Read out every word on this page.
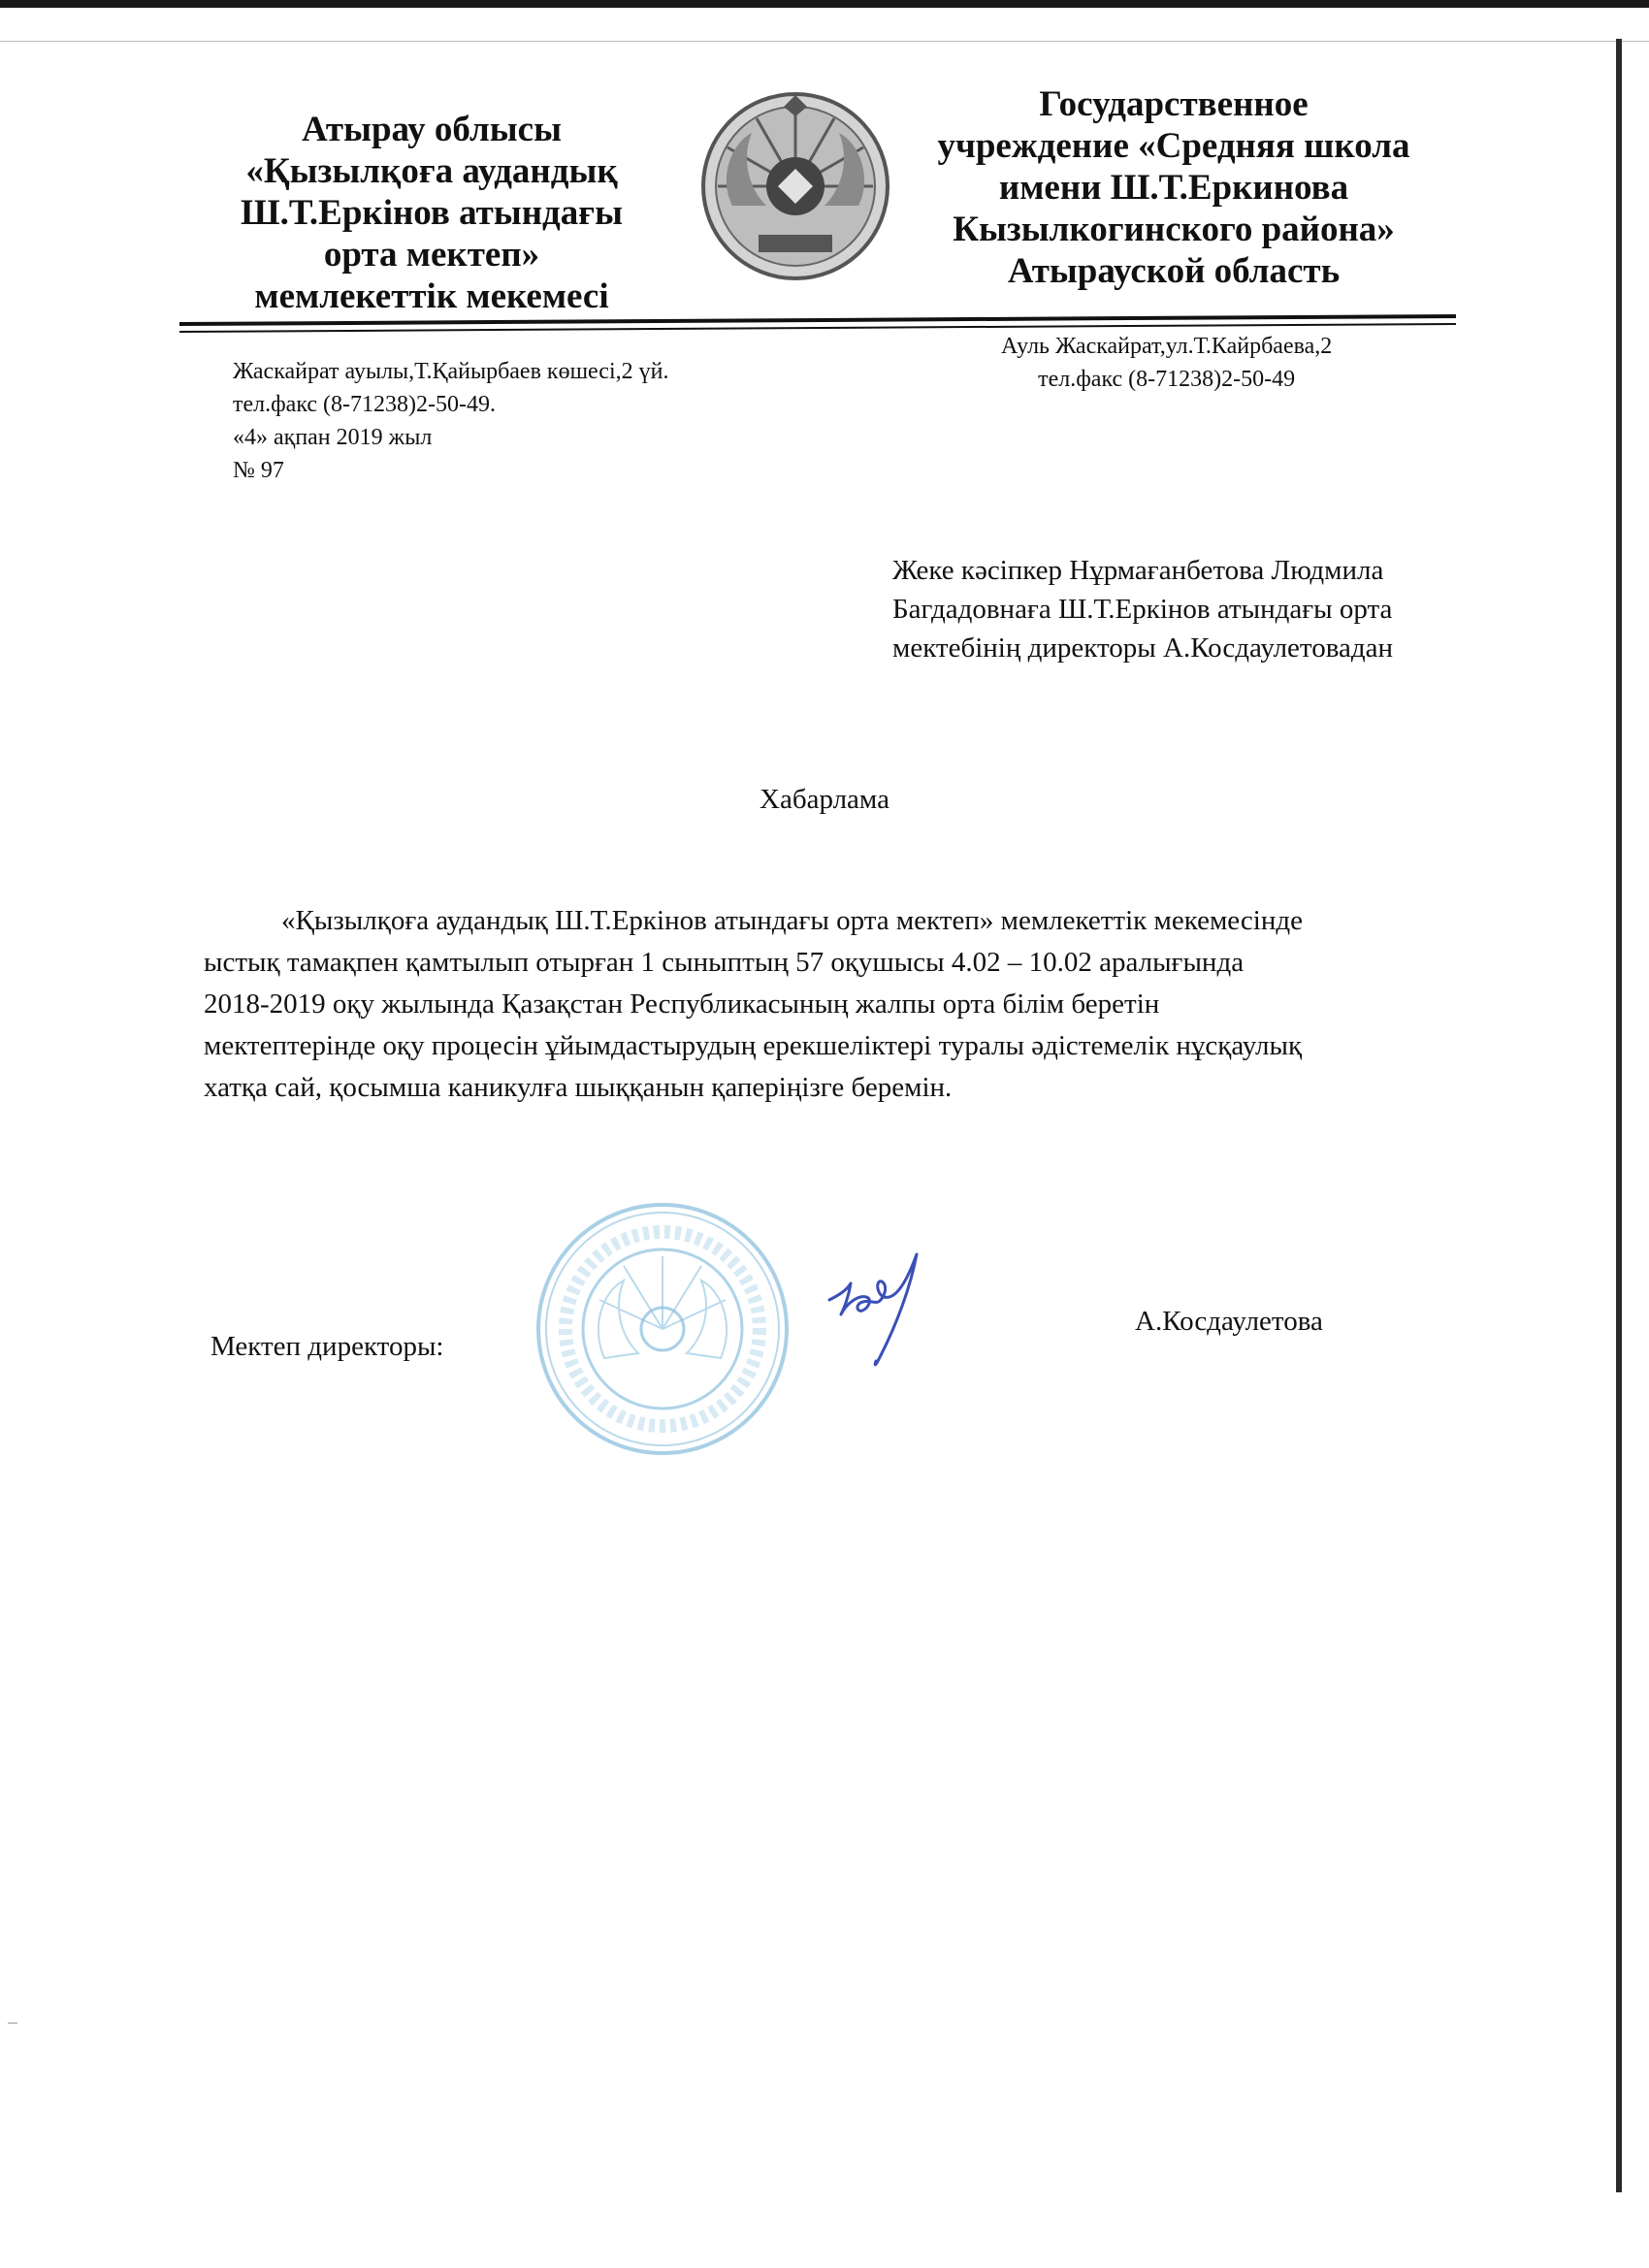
Атырау облысы
«Қызылқоға аудандық
Ш.Т.Еркінов атындағы
орта мектеп»
мемлекеттік мекемесі
Государственное
учреждение «Средняя школа
имени Ш.Т.Еркинова
Кызылкогинского района»
Атырауской область
Жаскайрат ауылы,Т.Қайырбаев көшесі,2 үй.
тел.факс (8-71238)2-50-49.
«4» ақпан 2019 жыл
№ 97
Ауль Жаскайрат,ул.Т.Кайрбаева,2
тел.факс (8-71238)2-50-49
Жеке кәсіпкер Нұрмағанбетова Людмила
Багдадовнаға Ш.Т.Еркінов атындағы орта
мектебінің директоры А.Косдаулетовадан
Хабарлама
«Қызылқоға аудандық Ш.Т.Еркінов атындағы орта мектеп» мемлекеттік мекемесінде
ыстық тамақпен қамтылып отырған 1 сыныптың 57 оқушысы 4.02 – 10.02 аралығында
2018-2019 оқу жылында Қазақстан Республикасының жалпы орта білім беретін
мектептерінде оқу процесін ұйымдастырудың ерекшеліктері туралы әдістемелік нұсқаулық
хатқа сай, қосымша каникулға шыққанын қаперіңізге беремін.
Мектеп директоры:
А.Косдаулетова
